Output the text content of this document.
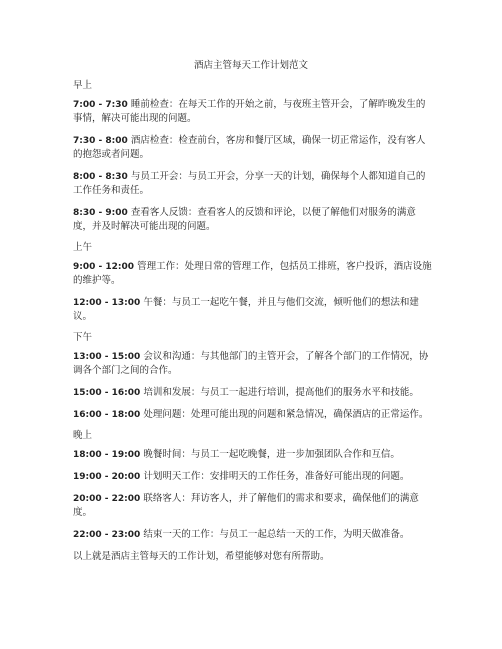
酒店主管每天工作计划范文

早上

7:00 - 7:30 睡前检查：在每天工作的开始之前，与夜班主管开会，了解昨晚发生的事情，解决可能出现的问题。

7:30 - 8:00 酒店检查：检查前台，客房和餐厅区域，确保一切正常运作，没有客人的抱怨或者问题。

8:00 - 8:30 与员工开会：与员工开会，分享一天的计划，确保每个人都知道自己的工作任务和责任。

8:30 - 9:00 查看客人反馈：查看客人的反馈和评论，以便了解他们对服务的满意度，并及时解决可能出现的问题。

上午

9:00 - 12:00 管理工作：处理日常的管理工作，包括员工排班，客户投诉，酒店设施的维护等。

12:00 - 13:00 午餐：与员工一起吃午餐，并且与他们交流，倾听他们的想法和建议。

下午

13:00 - 15:00 会议和沟通：与其他部门的主管开会，了解各个部门的工作情况，协调各个部门之间的合作。

15:00 - 16:00 培训和发展：与员工一起进行培训，提高他们的服务水平和技能。

16:00 - 18:00 处理问题：处理可能出现的问题和紧急情况，确保酒店的正常运作。

晚上

18:00 - 19:00 晚餐时间：与员工一起吃晚餐，进一步加强团队合作和互信。

19:00 - 20:00 计划明天工作：安排明天的工作任务，准备好可能出现的问题。

20:00 - 22:00 联络客人：拜访客人，并了解他们的需求和要求，确保他们的满意度。

22:00 - 23:00 结束一天的工作：与员工一起总结一天的工作，为明天做准备。

以上就是酒店主管每天的工作计划，希望能够对您有所帮助。
